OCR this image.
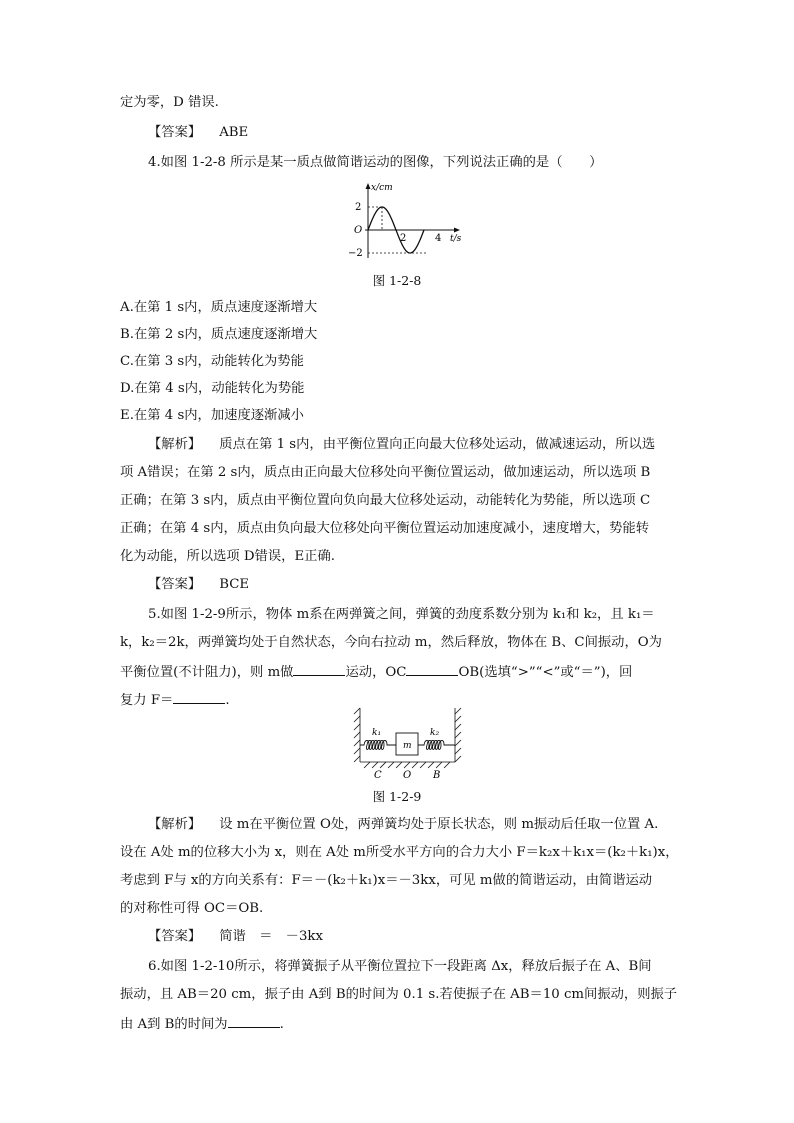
定为零，D 错误.
【答案】 ABE
4.如图 1-2-8 所示是某一质点做简谐运动的图像，下列说法正确的是（　　）
x/cm
2
O
−2
2	4 t/s
图 1-2-8
A.在第 1 s内，质点速度逐渐增大
B.在第 2 s内，质点速度逐渐增大
C.在第 3 s内，动能转化为势能
D.在第 4 s内，动能转化为势能
E.在第 4 s内，加速度逐渐减小
【解析】 质点在第 1 s内，由平衡位置向正向最大位移处运动，做减速运动，所以选
项 A错误；在第 2 s内，质点由正向最大位移处向平衡位置运动，做加速运动，所以选项 B
正确；在第 3 s内，质点由平衡位置向负向最大位移处运动，动能转化为势能，所以选项 C
正确；在第 4 s内，质点由负向最大位移处向平衡位置运动加速度减小，速度增大，势能转
化为动能，所以选项 D错误，E正确.
【答案】 BCE
5.如图 1-2-9所示，物体 m系在两弹簧之间，弹簧的劲度系数分别为 k₁和 k₂，且 k₁＝
k，k₂＝2k，两弹簧均处于自然状态，今向右拉动 m，然后释放，物体在 B、C间振动，O为
平衡位置(不计阻力)，则 m做	运动，OC	OB(选填“>”“<”或“＝”)，回
复力 F＝	.
k₁	k₂
m
C O B
图 1-2-9
【解析】 设 m在平衡位置 O处，两弹簧均处于原长状态，则 m振动后任取一位置 A.
设在 A处 m的位移大小为 x，则在 A处 m所受水平方向的合力大小 F＝k₂x＋k₁x＝(k₂＋k₁)x，
考虑到 F与 x的方向关系有：F＝－(k₂＋k₁)x＝－3kx，可见 m做的简谐运动，由简谐运动
的对称性可得 OC＝OB.
【答案】 简谐　＝　－3kx
6.如图 1-2-10所示，将弹簧振子从平衡位置拉下一段距离 Δx，释放后振子在 A、B间
振动，且 AB＝20 cm，振子由 A到 B的时间为 0.1 s.若使振子在 AB＝10 cm间振动，则振子
由 A到 B的时间为	.
